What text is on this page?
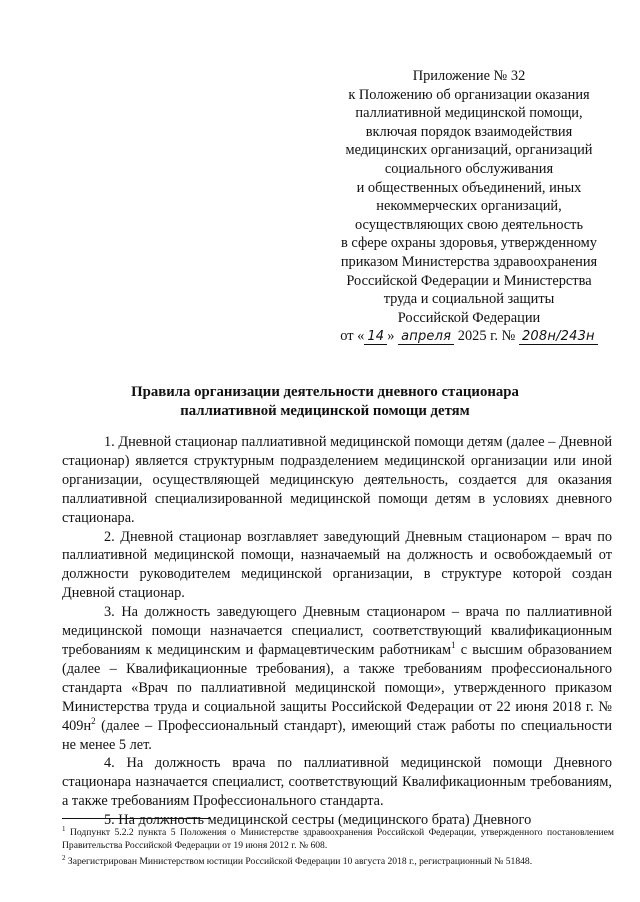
Приложение № 32
к Положению об организации оказания
паллиативной медицинской помощи,
включая порядок взаимодействия
медицинских организаций, организаций
социального обслуживания
и общественных объединений, иных
некоммерческих организаций,
осуществляющих свою деятельность
в сфере охраны здоровья, утвержденному
приказом Министерства здравоохранения
Российской Федерации и Министерства
труда и социальной защиты
Российской Федерации
от « 14 » апреля 2025 г. № 208н/243н
Правила организации деятельности дневного стационара
паллиативной медицинской помощи детям

1. Дневной стационар паллиативной медицинской помощи детям (далее – Дневной стационар) является структурным подразделением медицинской организации или иной организации, осуществляющей медицинскую деятельность, создается для оказания паллиативной специализированной медицинской помощи детям в условиях дневного стационара.

2. Дневной стационар возглавляет заведующий Дневным стационаром – врач по паллиативной медицинской помощи, назначаемый на должность и освобождаемый от должности руководителем медицинской организации, в структуре которой создан Дневной стационар.

3. На должность заведующего Дневным стационаром – врача по паллиативной медицинской помощи назначается специалист, соответствующий квалификационным требованиям к медицинским и фармацевтическим работникам$^1$ с высшим образованием (далее – Квалификационные требования), а также требованиям профессионального стандарта «Врач по паллиативной медицинской помощи», утвержденного приказом Министерства труда и социальной защиты Российской Федерации от 22 июня 2018 г. № 409н$^2$ (далее – Профессиональный стандарт), имеющий стаж работы по специальности не менее 5 лет.

4. На должность врача по паллиативной медицинской помощи Дневного стационара назначается специалист, соответствующий Квалификационным требованиям, а также требованиям Профессионального стандарта.

5. На должность медицинской сестры (медицинского брата) Дневного

$^1$ Подпункт 5.2.2 пункта 5 Положения о Министерстве здравоохранения Российской Федерации, утвержденного постановлением Правительства Российской Федерации от 19 июня 2012 г. № 608.

$^2$ Зарегистрирован Министерством юстиции Российской Федерации 10 августа 2018 г., регистрационный № 51848.
